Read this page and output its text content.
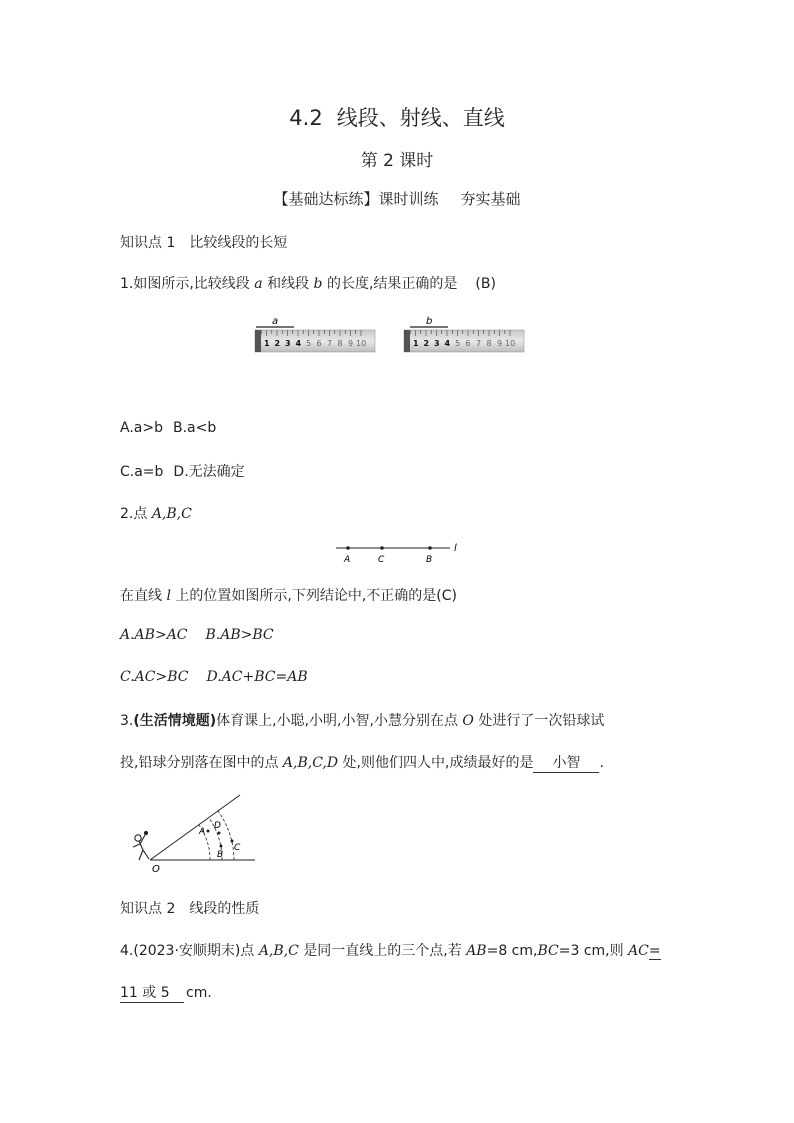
4.2 线段、射线、直线
第 2 课时
【基础达标练】课时训练 夯实基础
知识点 1 比较线段的长短
1.如图所示,比较线段 a 和线段 b 的长度,结果正确的是 (B)
a
1 2 3 4 5 6 7 8 9 10
b
1 2 3 4 5 6 7 8 9 10
A.a>b B.a<b
C.a=b D.无法确定
2.点 A,B,C
A	C	B
l
在直线 l 上的位置如图所示,下列结论中,不正确的是(C)
A.AB>AC B.AB>BC
C.AC>BC D.AC+BC=AB
3.(生活情境题)体育课上,小聪,小明,小智,小慧分别在点 O 处进行了一次铅球试
投,铅球分别落在图中的点 A,B,C,D 处,则他们四人中,成绩最好的是 小智 .
O
A
D
B
C
知识点 2 线段的性质
4.(2023·安顺期末)点 A,B,C 是同一直线上的三个点,若 AB=8 cm,BC=3 cm,则 AC=
11 或 5 cm.
